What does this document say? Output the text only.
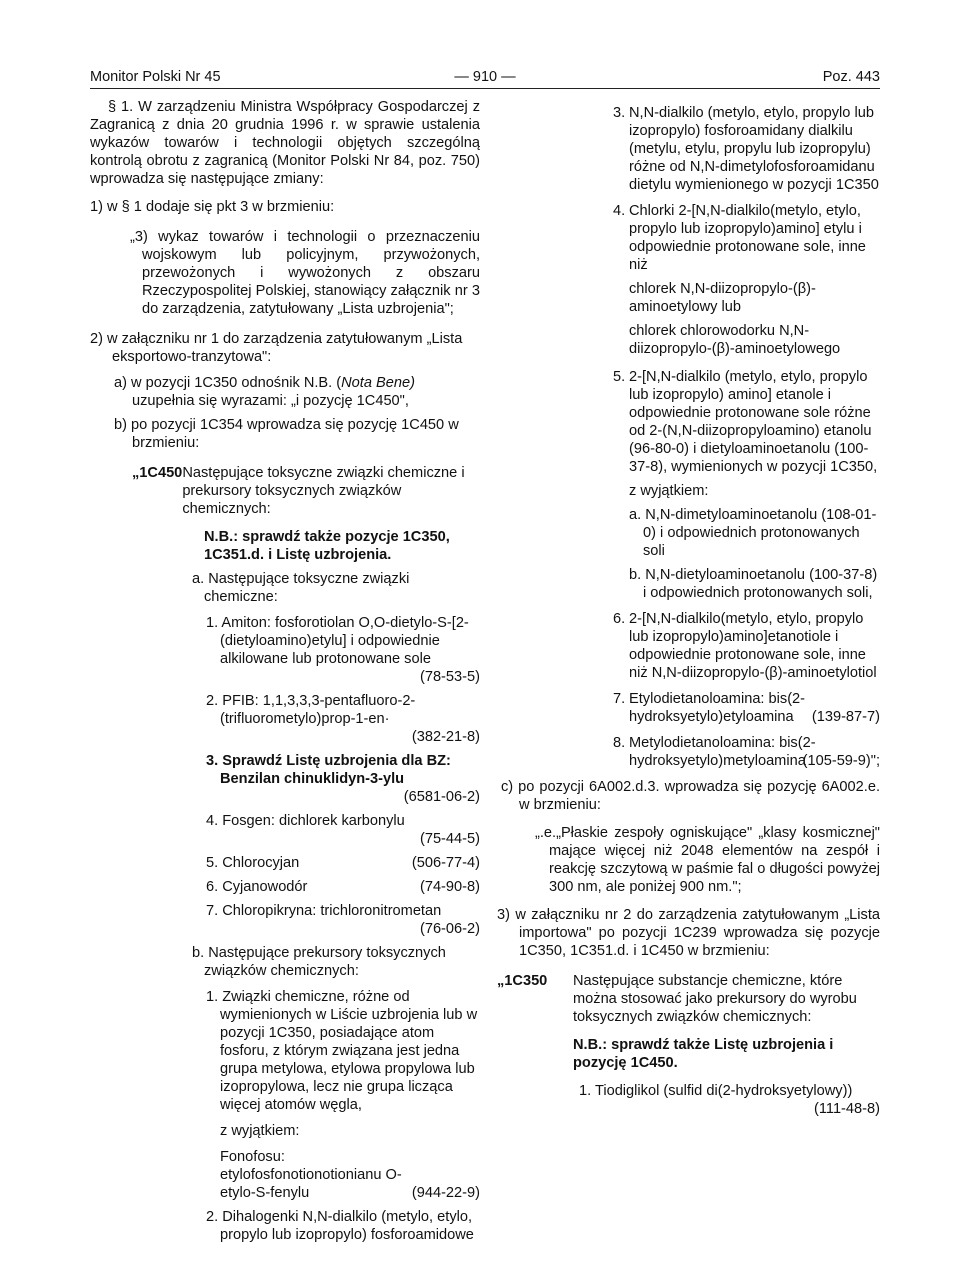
Monitor Polski Nr 45	— 910 —	Poz. 443

§ 1. W zarządzeniu Ministra Współpracy Gospodarczej z Zagranicą z dnia 20 grudnia 1996 r. w sprawie ustalenia wykazów towarów i technologii objętych szczególną kontrolą obrotu z zagranicą (Monitor Polski Nr 84, poz. 750) wprowadza się następujące zmiany:

1) w § 1 dodaje się pkt 3 w brzmieniu:

„3) wykaz towarów i technologii o przeznaczeniu wojskowym lub policyjnym, przywożonych, przewożonych i wywożonych z obszaru Rzeczypospolitej Polskiej, stanowiący załącznik nr 3 do zarządzenia, zatytułowany „Lista uzbrojenia";

2) w załączniku nr 1 do zarządzenia zatytułowanym „Lista eksportowo-tranzytowa":

a) w pozycji 1C350 odnośnik N.B. (Nota Bene) uzupełnia się wyrazami: „i pozycję 1C450",

b) po pozycji 1C354 wprowadza się pozycję 1C450 w brzmieniu:

„1C450 Następujące toksyczne związki chemiczne i prekursory toksycznych związków chemicznych:

N.B.: sprawdź także pozycje 1C350, 1C351.d. i Listę uzbrojenia.

a. Następujące toksyczne związki chemiczne:

1. Amiton: fosforotiolan O,O-dietylo-S-[2-(dietyloamino)etylu] i odpowiednie alkilowane lub protonowane sole

(78-53-5)

2. PFIB: 1,1,3,3,3-pentafluoro-2-(trifluorometylo)prop-1-en·

(382-21-8)

3. Sprawdź Listę uzbrojenia dla BZ: Benzilan chinuklidyn-3-ylu

(6581-06-2)

4. Fosgen: dichlorek karbonylu

(75-44-5)

5. Chlorocyjan	(506-77-4)
6. Cyjanowodór	(74-90-8)

7. Chloropikryna: trichloronitrometan

(76-06-2)

b. Następujące prekursory toksycznych związków chemicznych:

1. Związki chemiczne, różne od wymienionych w Liście uzbrojenia lub w pozycji 1C350, posiadające atom fosforu, z którym związana jest jedna grupa metylowa, etylowa propylowa lub izopropylowa, lecz nie grupa licząca więcej atomów węgla,

z wyjątkiem:

Fonofosu: etylofosfonotionotionianu O-etylo-S-fenylu	(944-22-9)

2. Dihalogenki N,N-dialkilo (metylo, etylo, propylo lub izopropylo) fosforoamidowe

3. N,N-dialkilo (metylo, etylo, propylo lub izopropylo) fosforoamidany dialkilu (metylu, etylu, propylu lub izopropylu) różne od N,N-dimetylofosforoamidanu dietylu wymienionego w pozycji 1C350
4. Chlorki 2-[N,N-dialkilo(metylo, etylo, propylo lub izopropylo)amino] etylu i odpowiednie protonowane sole, inne niż

chlorek N,N-diizopropylo-(β)-aminoetylowy lub

chlorek chlorowodorku N,N-diizopropylo-(β)-aminoetylowego

5. 2-[N,N-dialkilo (metylo, etylo, propylo lub izopropylo) amino] etanole i odpowiednie protonowane sole różne od 2-(N,N-diizopropyloamino) etanolu (96-80-0) i dietyloaminoetanolu (100-37-8), wymienionych w pozycji 1C350,

z wyjątkiem:

a. N,N-dimetyloaminoetanolu (108-01-0) i odpowiednich protonowanych soli

b. N,N-dietyloaminoetanolu (100-37-8) i odpowiednich protonowanych soli,

6. 2-[N,N-dialkilo(metylo, etylo, propylo lub izopropylo)amino]etanotiole i odpowiednie protonowane sole, inne niż N,N-diizopropylo-(β)-aminoetylotiol
7. Etylodietanoloamina: bis(2-hydroksyetylo)etyloamina	(139-87-7)

8. Metylodietanoloamina: bis(2-hydroksyetylo)metyloamina

(105-59-9)";

c) po pozycji 6A002.d.3. wprowadza się pozycję 6A002.e. w brzmieniu:

„.e.„Płaskie zespoły ogniskujące" „klasy kosmicznej" mające więcej niż 2048 elementów na zespół i reakcję szczytową w paśmie fal o długości powyżej 300 nm, ale poniżej 900 nm.";

3) w załączniku nr 2 do zarządzenia zatytułowanym „Lista importowa" po pozycji 1C239 wprowadza się pozycje 1C350, 1C351.d. i 1C450 w brzmieniu:

„1C350	Następujące substancje chemiczne, które można stosować jako prekursory do wyrobu toksycznych związków chemicznych:

N.B.: sprawdź także Listę uzbrojenia i pozycję 1C450.

1. Tiodiglikol (sulfid di(2-hydroksyetylowy))

(111-48-8)
